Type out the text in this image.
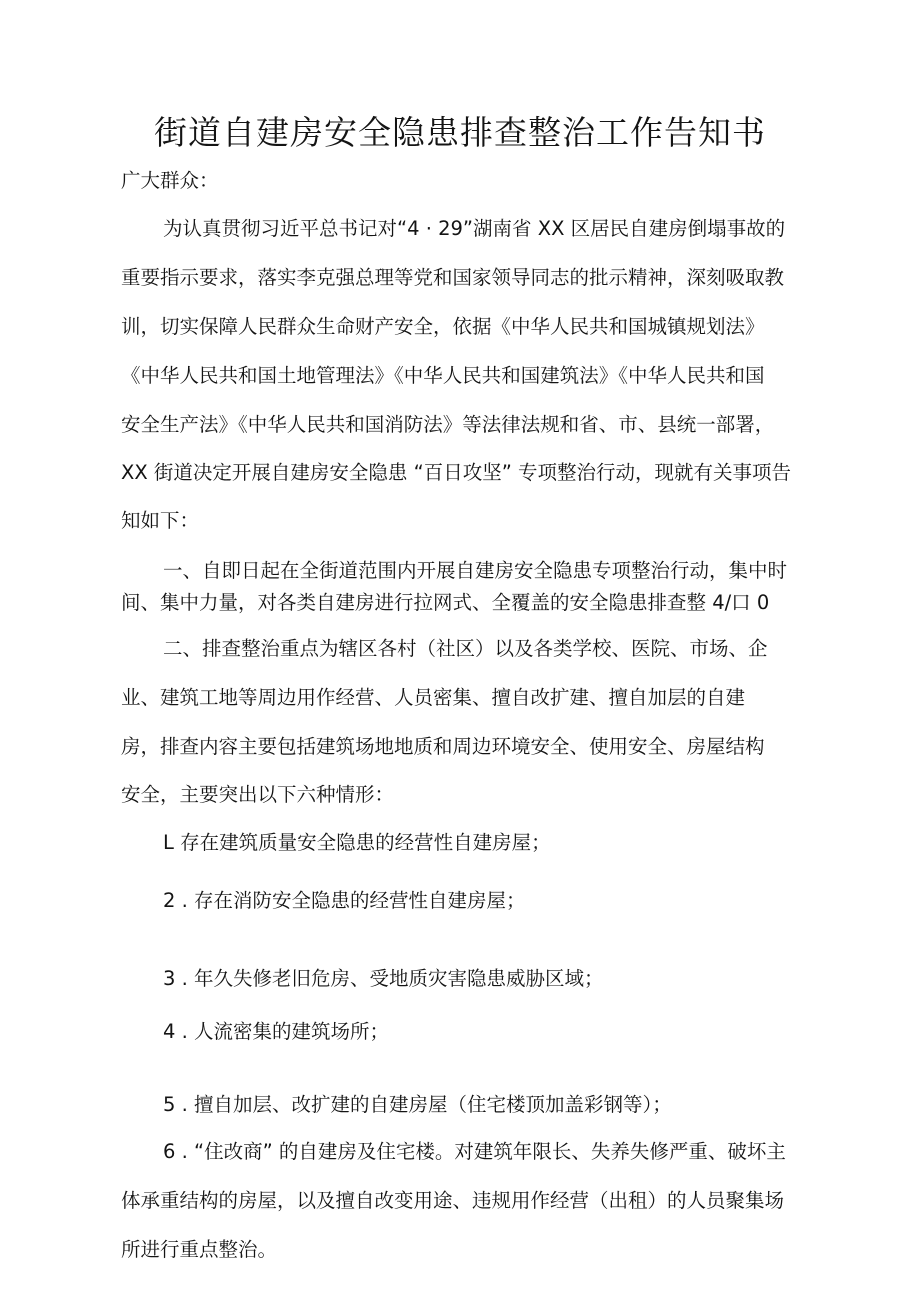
街道自建房安全隐患排查整治工作告知书

广大群众：

为认真贯彻习近平总书记对“4 · 29”湖南省 XX 区居民自建房倒塌事故的

重要指示要求，落实李克强总理等党和国家领导同志的批示精神，深刻吸取教

训，切实保障人民群众生命财产安全，依据《中华人民共和国城镇规划法》

《中华人民共和国土地管理法》《中华人民共和国建筑法》《中华人民共和国

安全生产法》《中华人民共和国消防法》等法律法规和省、市、县统一部署，

XX 街道决定开展自建房安全隐患 “百日攻坚” 专项整治行动，现就有关事项告

知如下：

一、自即日起在全街道范围内开展自建房安全隐患专项整治行动，集中时

间、集中力量，对各类自建房进行拉网式、全覆盖的安全隐患排查整 4/口 0

二、排查整治重点为辖区各村（社区）以及各类学校、医院、市场、企

业、建筑工地等周边用作经营、人员密集、擅自改扩建、擅自加层的自建

房，排查内容主要包括建筑场地地质和周边环境安全、使用安全、房屋结构

安全，主要突出以下六种情形：

L 存在建筑质量安全隐患的经营性自建房屋；

2 . 存在消防安全隐患的经营性自建房屋；

3 . 年久失修老旧危房、受地质灾害隐患威胁区域；

4 . 人流密集的建筑场所；

5 . 擅自加层、改扩建的自建房屋（住宅楼顶加盖彩钢等）；

6 . “住改商” 的自建房及住宅楼。对建筑年限长、失养失修严重、破坏主

体承重结构的房屋，以及擅自改变用途、违规用作经营（出租）的人员聚集场

所进行重点整治。
